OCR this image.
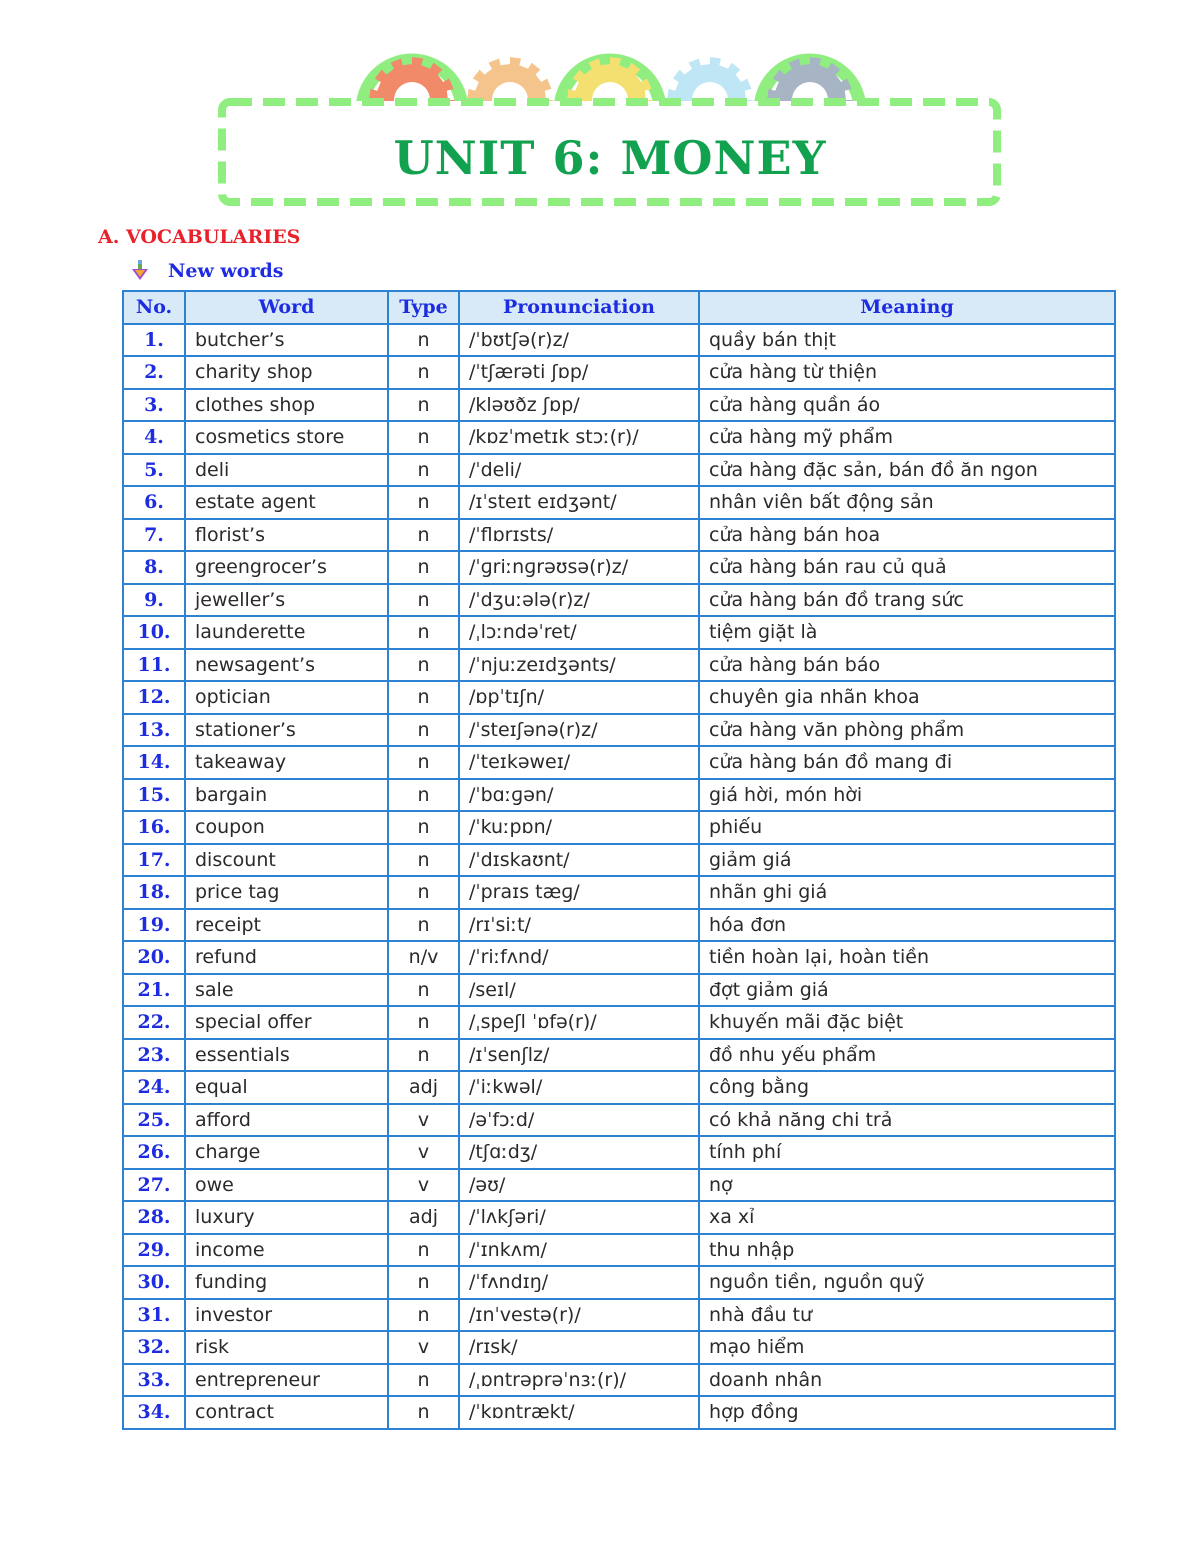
UNIT 6: MONEY
A. VOCABULARIES
New words
No.	Word	Type	Pronunciation	Meaning
1.	butcher’s	n	/ˈbʊtʃə(r)z/	quầy bán thịt
2.	charity shop	n	/ˈtʃærəti ʃɒp/	cửa hàng từ thiện
3.	clothes shop	n	/kləʊðz ʃɒp/	cửa hàng quần áo
4.	cosmetics store	n	/kɒzˈmetɪk stɔː(r)/	cửa hàng mỹ phẩm
5.	deli	n	/ˈdeli/	cửa hàng đặc sản, bán đồ ăn ngon
6.	estate agent	n	/ɪˈsteɪt eɪdʒənt/	nhân viên bất động sản
7.	florist’s	n	/ˈflɒrɪsts/	cửa hàng bán hoa
8.	greengrocer’s	n	/ˈɡriːnɡrəʊsə(r)z/	cửa hàng bán rau củ quả
9.	jeweller’s	n	/ˈdʒuːələ(r)z/	cửa hàng bán đồ trang sức
10.	launderette	n	/ˌlɔːndəˈret/	tiệm giặt là
11.	newsagent’s	n	/ˈnjuːzeɪdʒənts/	cửa hàng bán báo
12.	optician	n	/ɒpˈtɪʃn/	chuyên gia nhãn khoa
13.	stationer’s	n	/ˈsteɪʃənə(r)z/	cửa hàng văn phòng phẩm
14.	takeaway	n	/ˈteɪkəweɪ/	cửa hàng bán đồ mang đi
15.	bargain	n	/ˈbɑːɡən/	giá hời, món hời
16.	coupon	n	/ˈkuːpɒn/	phiếu
17.	discount	n	/ˈdɪskaʊnt/	giảm giá
18.	price tag	n	/ˈpraɪs tæɡ/	nhãn ghi giá
19.	receipt	n	/rɪˈsiːt/	hóa đơn
20.	refund	n/v	/ˈriːfʌnd/	tiền hoàn lại, hoàn tiền
21.	sale	n	/seɪl/	đợt giảm giá
22.	special offer	n	/ˌspeʃl ˈɒfə(r)/	khuyến mãi đặc biệt
23.	essentials	n	/ɪˈsenʃlz/	đồ nhu yếu phẩm
24.	equal	adj	/ˈiːkwəl/	công bằng
25.	afford	v	/əˈfɔːd/	có khả năng chi trả
26.	charge	v	/tʃɑːdʒ/	tính phí
27.	owe	v	/əʊ/	nợ
28.	luxury	adj	/ˈlʌkʃəri/	xa xỉ
29.	income	n	/ˈɪnkʌm/	thu nhập
30.	funding	n	/ˈfʌndɪŋ/	nguồn tiền, nguồn quỹ
31.	investor	n	/ɪnˈvestə(r)/	nhà đầu tư
32.	risk	v	/rɪsk/	mạo hiểm
33.	entrepreneur	n	/ˌɒntrəprəˈnɜː(r)/	doanh nhân
34.	contract	n	/ˈkɒntrækt/	hợp đồng
